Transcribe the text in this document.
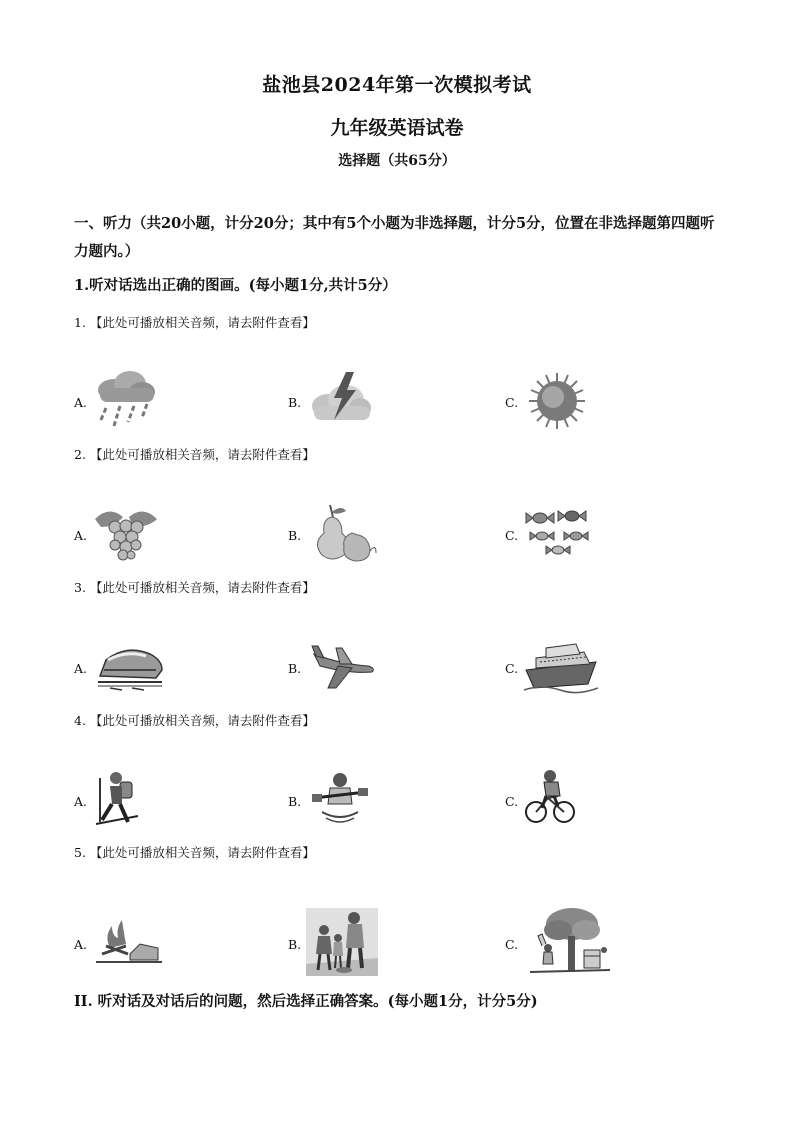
盐池县2024年第一次模拟考试
九年级英语试卷
选择题（共65分）
一、听力（共20小题，计分20分；其中有5个小题为非选择题，计分5分，位置在非选择题第四题听力题内。）
1.听对话选出正确的图画。(每小题1分,共计5分）
1. 【此处可播放相关音频，请去附件查看】
A.	B.	C.
2. 【此处可播放相关音频，请去附件查看】
A.	B.	C.
3. 【此处可播放相关音频，请去附件查看】
A.	B.	C.
4. 【此处可播放相关音频，请去附件查看】
A.	B.	C.
5. 【此处可播放相关音频，请去附件查看】
A.	B.	C.
II. 听对话及对话后的问题，然后选择正确答案。(每小题1分，计分5分)
